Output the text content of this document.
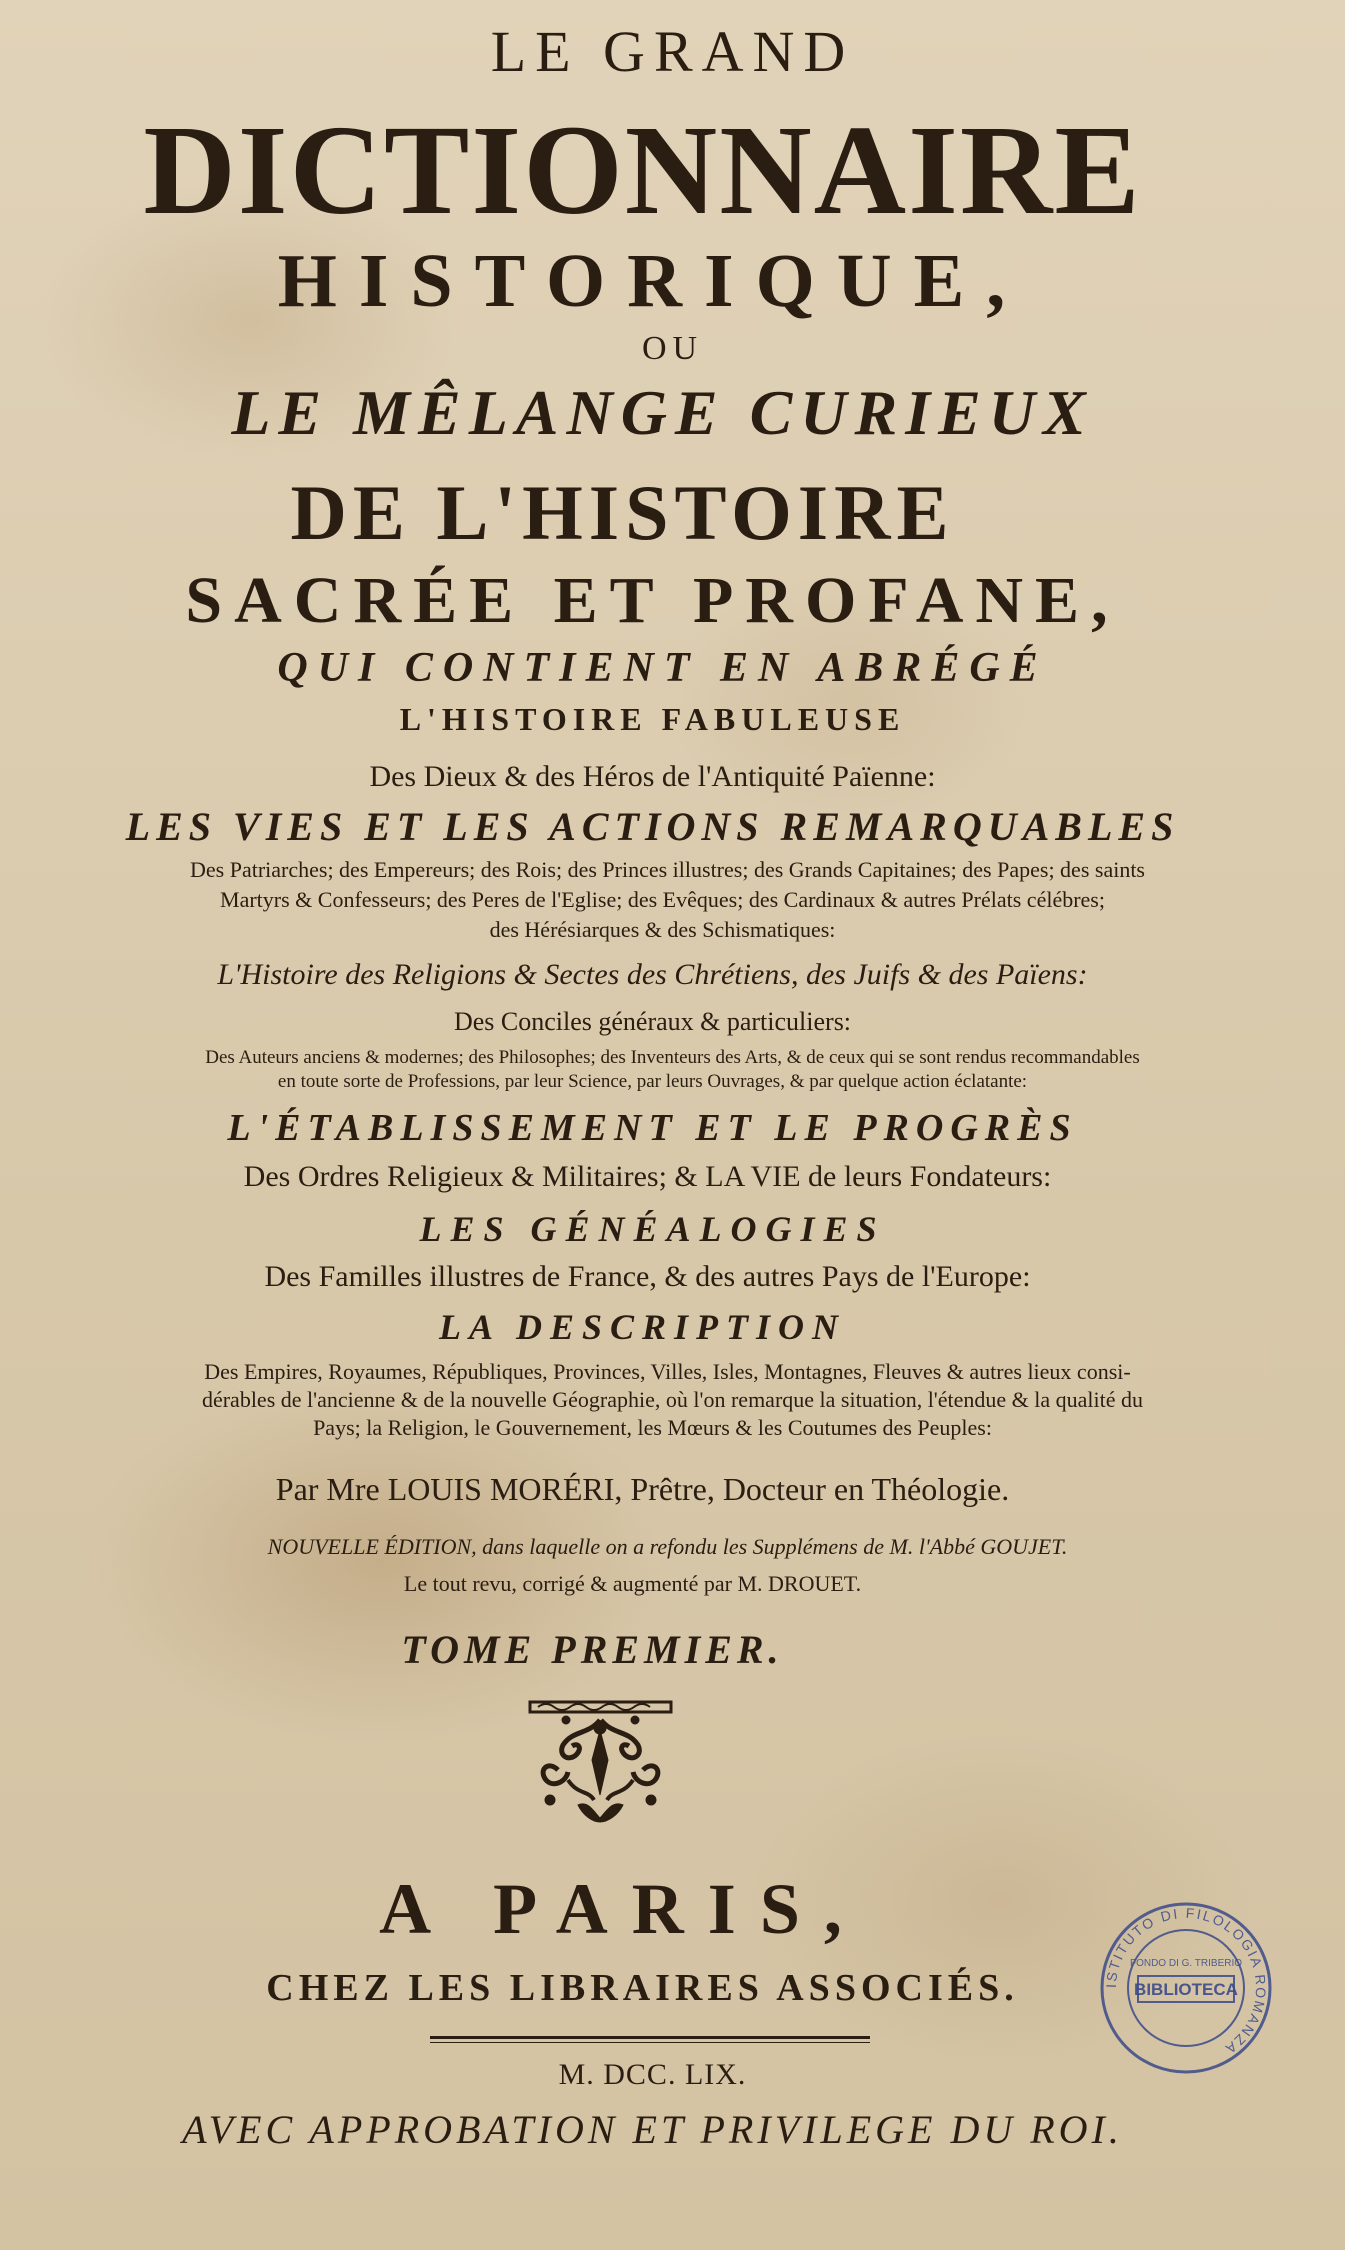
LE GRAND
DICTIONNAIRE
HISTORIQUE,
OU
LE MÊLANGE CURIEUX
DE L'HISTOIRE
SACRÉE ET PROFANE,
QUI CONTIENT EN ABRÉGÉ
L'HISTOIRE FABULEUSE
Des Dieux & des Héros de l'Antiquité Païenne:
LES VIES ET LES ACTIONS REMARQUABLES
Des Patriarches; des Empereurs; des Rois; des Princes illustres; des Grands Capitaines; des Papes; des saints
Martyrs & Confesseurs; des Peres de l'Eglise; des Evêques; des Cardinaux & autres Prélats célébres;
des Hérésiarques & des Schismatiques:
L'Histoire des Religions & Sectes des Chrétiens, des Juifs & des Païens:
Des Conciles généraux & particuliers:
Des Auteurs anciens & modernes; des Philosophes; des Inventeurs des Arts, & de ceux qui se sont rendus recommandables
en toute sorte de Professions, par leur Science, par leurs Ouvrages, & par quelque action éclatante:
L'ÉTABLISSEMENT ET LE PROGRÈS
Des Ordres Religieux & Militaires; & LA VIE de leurs Fondateurs:
LES GÉNÉALOGIES
Des Familles illustres de France, & des autres Pays de l'Europe:
LA DESCRIPTION
Des Empires, Royaumes, Républiques, Provinces, Villes, Isles, Montagnes, Fleuves & autres lieux consi-
dérables de l'ancienne & de la nouvelle Géographie, où l'on remarque la situation, l'étendue & la qualité du
Pays; la Religion, le Gouvernement, les Mœurs & les Coutumes des Peuples:
Par Mre LOUIS MORÉRI, Prêtre, Docteur en Théologie.
NOUVELLE ÉDITION, dans laquelle on a refondu les Supplémens de M. l'Abbé GOUJET.
Le tout revu, corrigé & augmenté par M. DROUET.
TOME PREMIER.
A PARIS,
CHEZ LES LIBRAIRES ASSOCIÉS.
M. DCC. LIX.
AVEC APPROBATION ET PRIVILEGE DU ROI.
ISTITUTO DI FILOLOGIA ROMANZA
FONDO DI G. TRIBERIO
BIBLIOTECA
